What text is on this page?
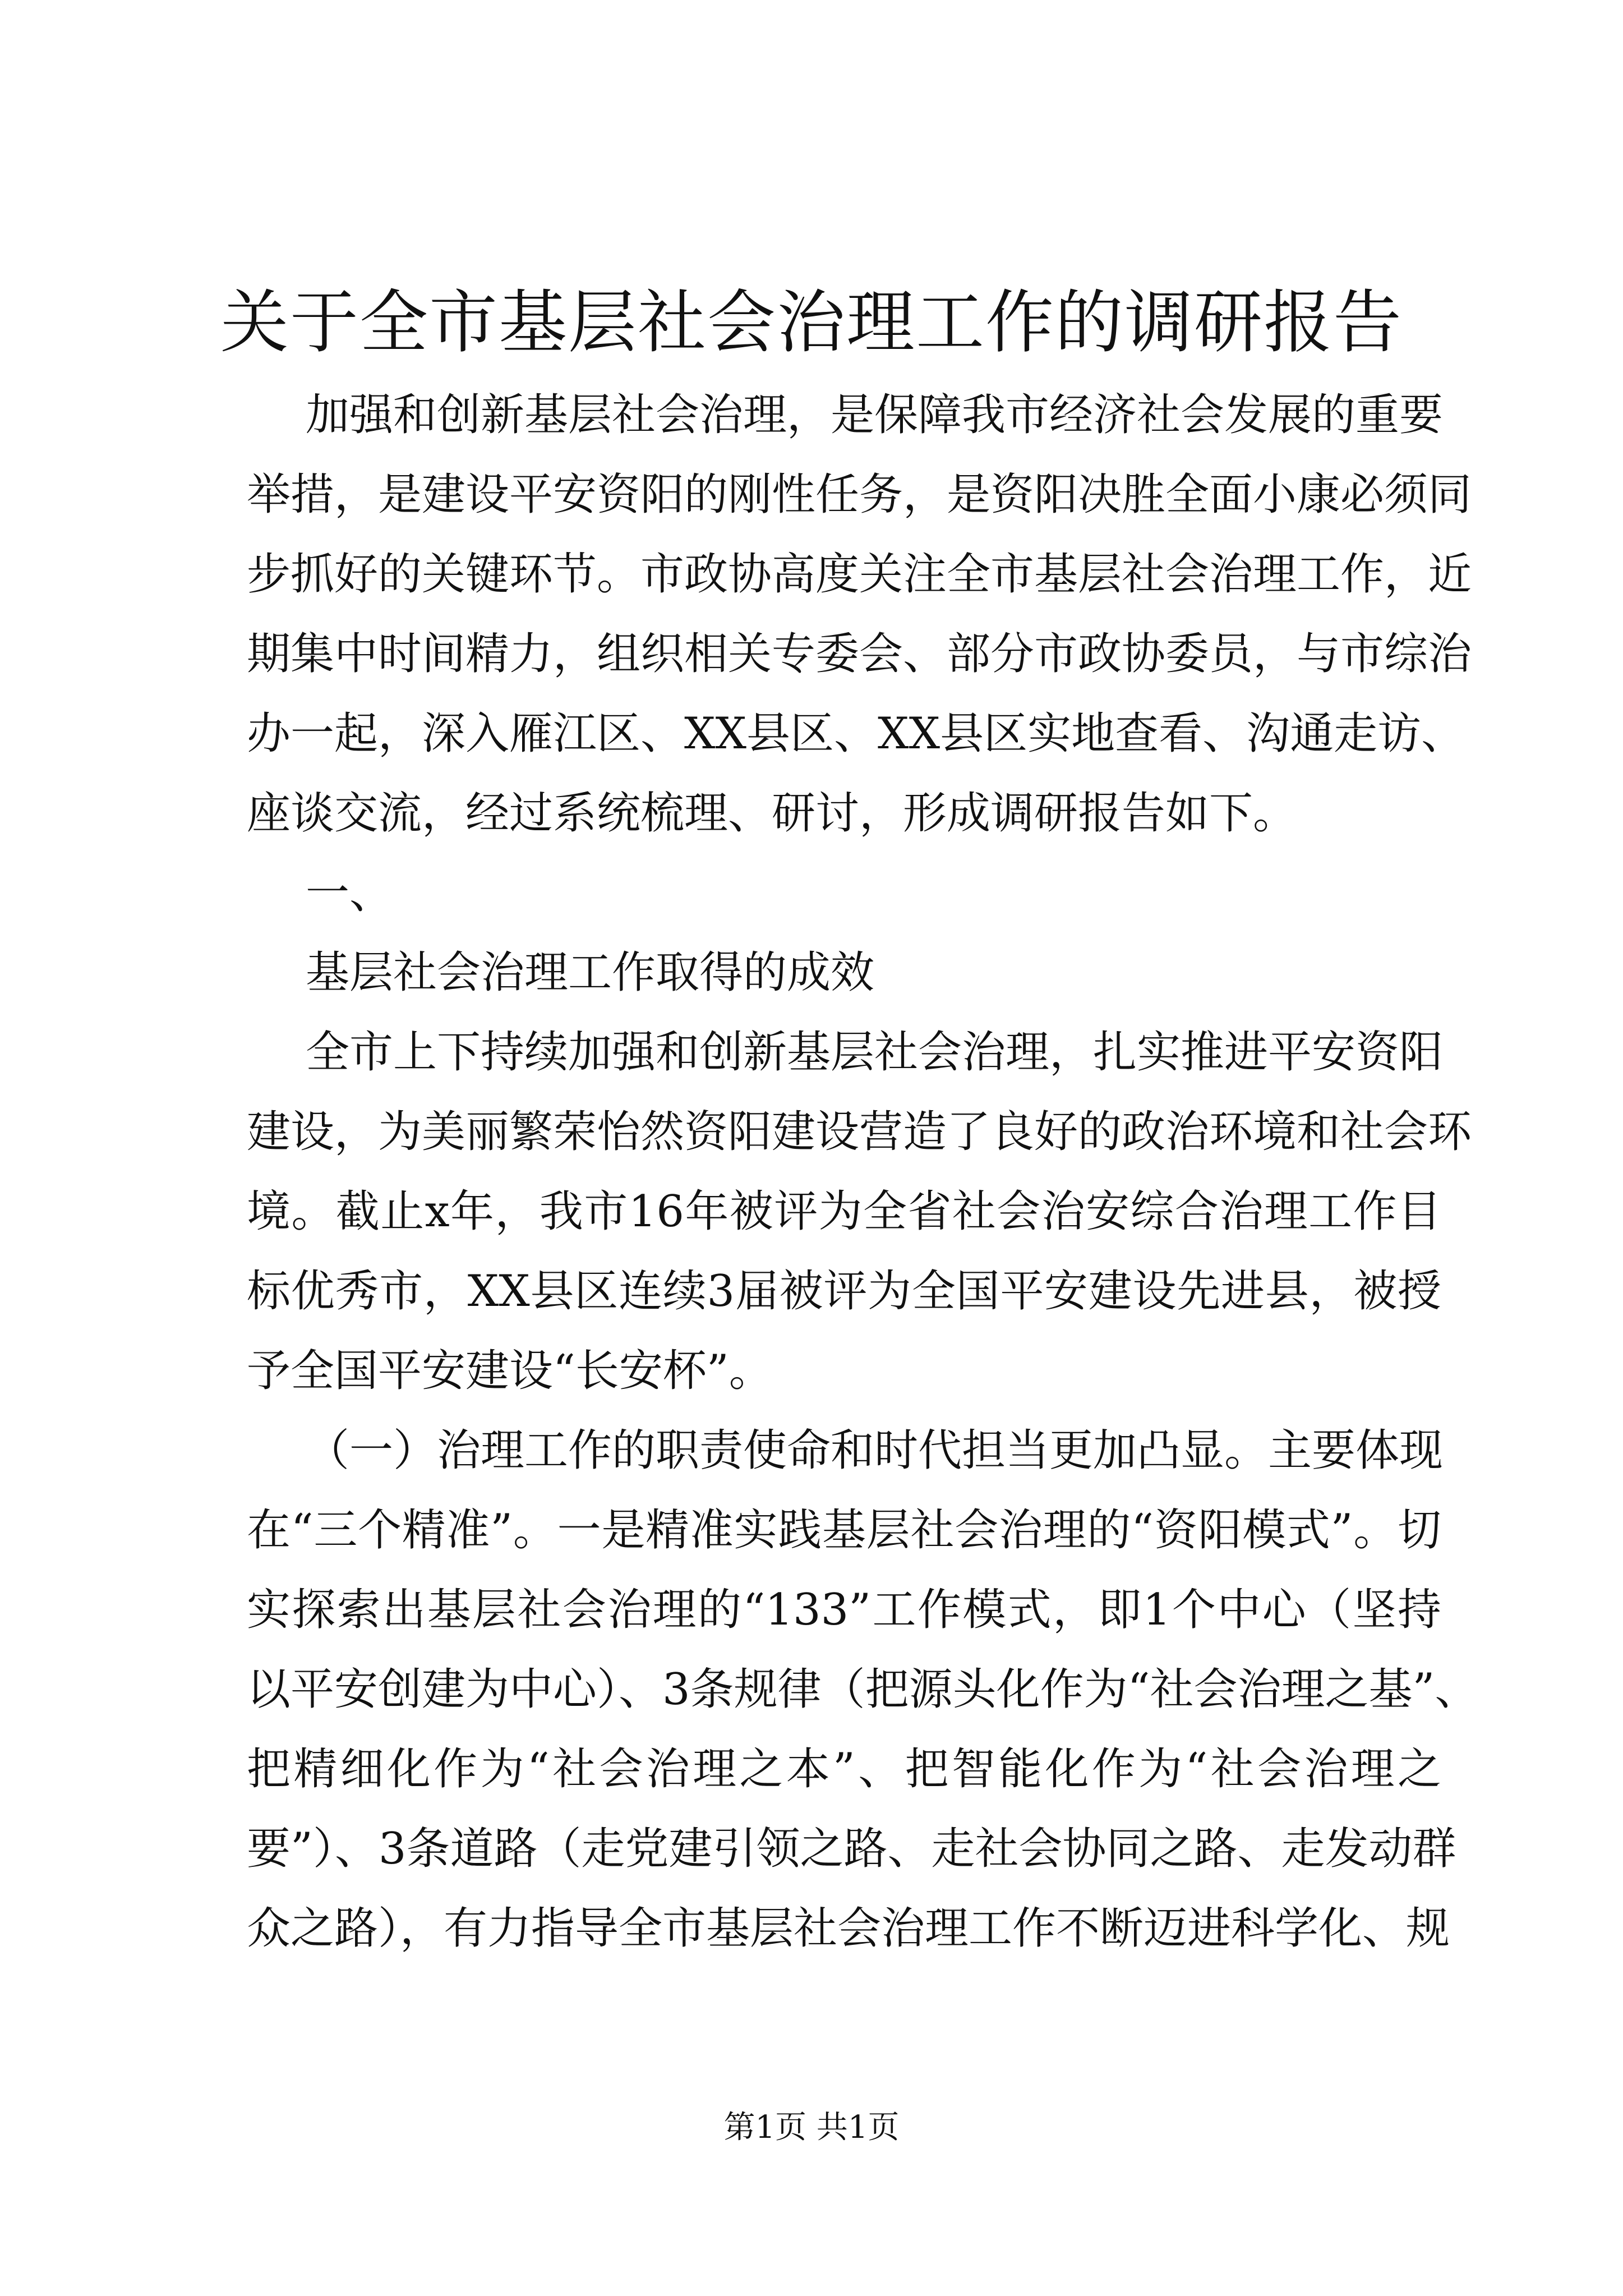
关于全市基层社会治理工作的调研报告

加强和创新基层社会治理，是保障我市经济社会发展的重要

举措，是建设平安资阳的刚性任务，是资阳决胜全面小康必须同

步抓好的关键环节。市政协高度关注全市基层社会治理工作，近

期集中时间精力，组织相关专委会、部分市政协委员，与市综治

办一起，深入雁江区、XX县区、XX县区实地查看、沟通走访、

座谈交流，经过系统梳理、研讨，形成调研报告如下。

一、

基层社会治理工作取得的成效

全市上下持续加强和创新基层社会治理，扎实推进平安资阳

建设，为美丽繁荣怡然资阳建设营造了良好的政治环境和社会环

境。截止x年，我市16年被评为全省社会治安综合治理工作目

标优秀市，XX县区连续3届被评为全国平安建设先进县，被授

予全国平安建设“长安杯”。

（一）治理工作的职责使命和时代担当更加凸显。主要体现

在“三个精准”。一是精准实践基层社会治理的“资阳模式”。切

实探索出基层社会治理的“133”工作模式，即1个中心（坚持

以平安创建为中心）、3条规律（把源头化作为“社会治理之基”、

把精细化作为“社会治理之本”、把智能化作为“社会治理之

要”）、3条道路（走党建引领之路、走社会协同之路、走发动群

众之路），有力指导全市基层社会治理工作不断迈进科学化、规

第1页 共1页
